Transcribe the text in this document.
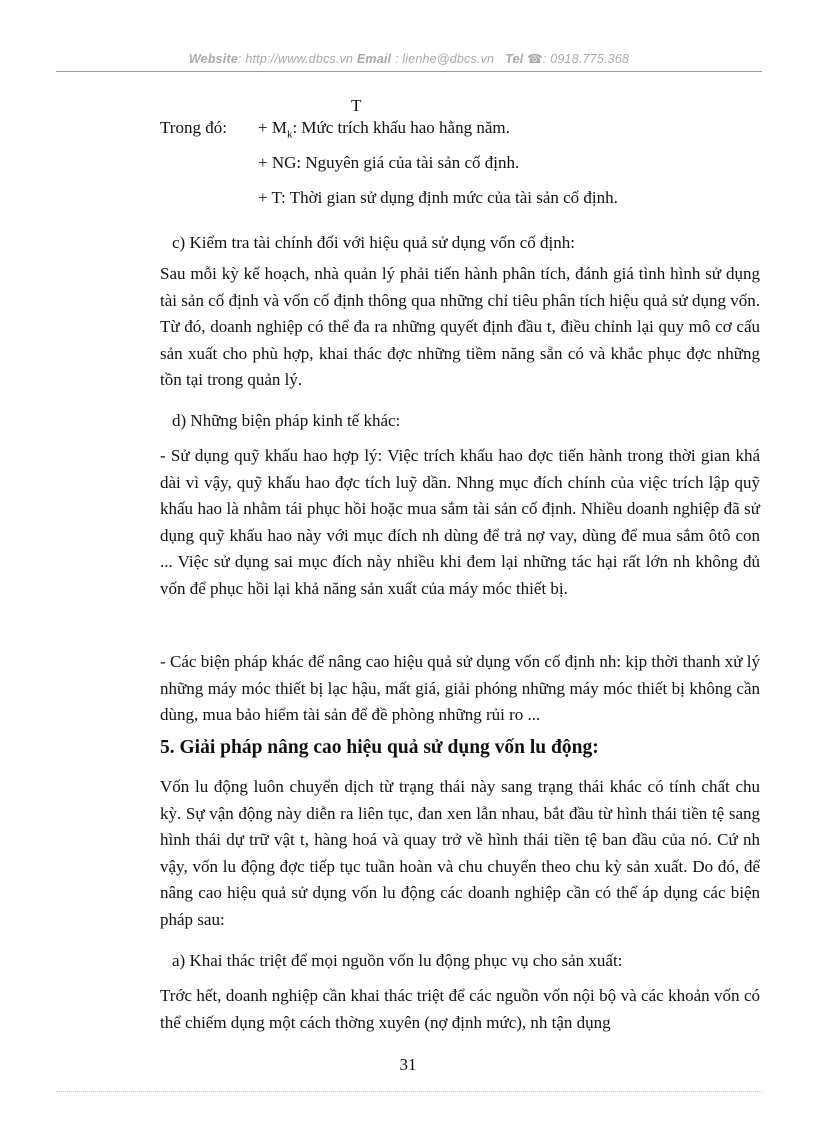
Website: http://www.dbcs.vn Email : lienhe@dbcs.vn Tel ☎: 0918.775.368
T
Trong đó: + $M_k$: Mức trích khấu hao hằng năm.
+ NG: Nguyên giá của tài sản cố định.
+ T: Thời gian sử dụng định mức của tài sản cố định.
c) Kiểm tra tài chính đối với hiệu quả sử dụng vốn cố định:
Sau mỗi kỳ kế hoạch, nhà quản lý phải tiến hành phân tích, đánh giá tình hình sử dụng tài sản cố định và vốn cố định thông qua những chỉ tiêu phân tích hiệu quả sử dụng vốn. Từ đó, doanh nghiệp có thể đa ra những quyết định đầu t, điều chỉnh lại quy mô cơ cấu sản xuất cho phù hợp, khai thác đợc những tiềm năng sẵn có và khắc phục đợc những tồn tại trong quản lý.
d) Những biện pháp kinh tế khác:
- Sử dụng quỹ khấu hao hợp lý: Việc trích khấu hao đợc tiến hành trong thời gian khá dài vì vậy, quỹ khấu hao đợc tích luỹ dần. Nhng mục đích chính của việc trích lập quỹ khấu hao là nhằm tái phục hồi hoặc mua sắm tài sản cố định. Nhiều doanh nghiệp đã sử dụng quỹ khấu hao này với mục đích nh dùng để trả nợ vay, dùng để mua sắm ôtô con ... Việc sử dụng sai mục đích này nhiều khi đem lại những tác hại rất lớn nh không đủ vốn để phục hồi lại khả năng sản xuất của máy móc thiết bị.
- Các biện pháp khác để nâng cao hiệu quả sử dụng vốn cố định nh: kịp thời thanh xử lý những máy móc thiết bị lạc hậu, mất giá, giải phóng những máy móc thiết bị không cần dùng, mua bảo hiểm tài sản để đề phòng những rủi ro ...
5. Giải pháp nâng cao hiệu quả sử dụng vốn lu động:
Vốn lu động luôn chuyển dịch từ trạng thái này sang trạng thái khác có tính chất chu kỳ. Sự vận động này diễn ra liên tục, đan xen lẫn nhau, bắt đầu từ hình thái tiền tệ sang hình thái dự trữ vật t, hàng hoá và quay trở về hình thái tiền tệ ban đầu của nó. Cứ nh vậy, vốn lu động đợc tiếp tục tuần hoàn và chu chuyển theo chu kỳ sản xuất. Do đó, để nâng cao hiệu quả sử dụng vốn lu động các doanh nghiệp cần có thể áp dụng các biện pháp sau:
a) Khai thác triệt để mọi nguồn vốn lu động phục vụ cho sản xuất:
Trớc hết, doanh nghiệp cần khai thác triệt để các nguồn vốn nội bộ và các khoản vốn có thể chiếm dụng một cách thờng xuyên (nợ định mức), nh tận dụng
31
